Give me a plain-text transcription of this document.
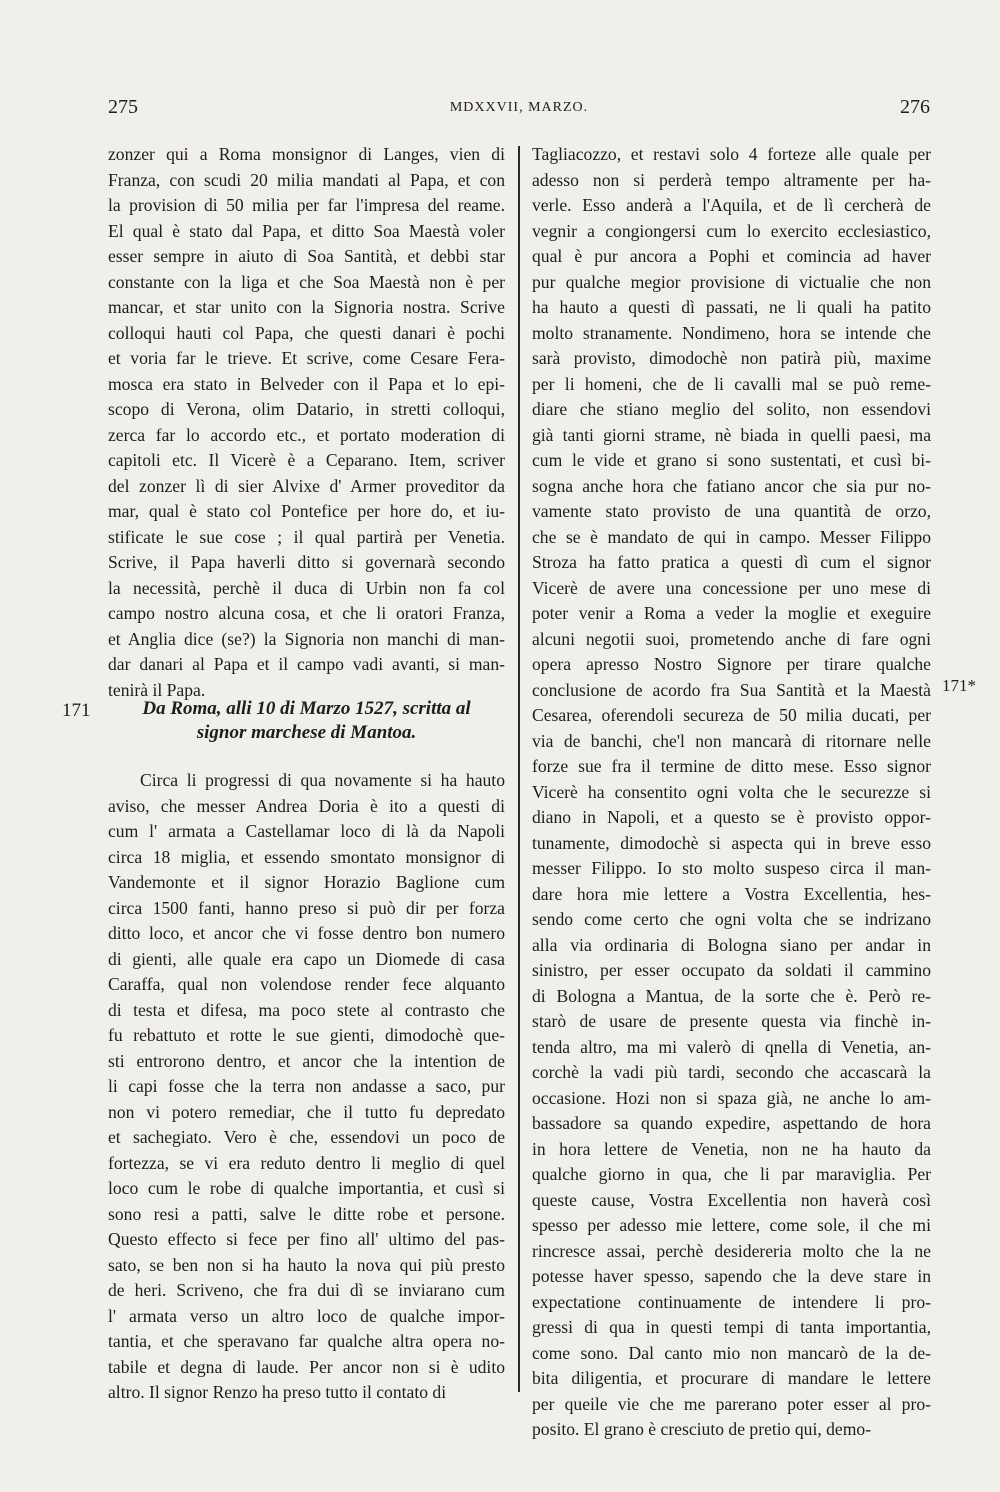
275	MDXXVII, MARZO.	276
zonzer qui a Roma monsignor di Langes, vien di
Franza, con scudi 20 milia mandati al Papa, et con
la provision di 50 milia per far l'impresa del reame.
El qual è stato dal Papa, et ditto Soa Maestà voler
esser sempre in aiuto di Soa Santità, et debbi star
constante con la liga et che Soa Maestà non è per
mancar, et star unito con la Signoria nostra. Scrive
colloqui hauti col Papa, che questi danari è pochi
et voria far le trieve. Et scrive, come Cesare Fera-
mosca era stato in Belveder con il Papa et lo epi-
scopo di Verona, olim Datario, in stretti colloqui,
zerca far lo accordo etc., et portato moderation di
capitoli etc. Il Vicerè è a Ceparano. Item, scriver
del zonzer lì di sier Alvixe d' Armer proveditor da
mar, qual è stato col Pontefice per hore do, et iu-
stificate le sue cose ; il qual partirà per Venetia.
Scrive, il Papa haverli ditto si governarà secondo
la necessità, perchè il duca di Urbin non fa col
campo nostro alcuna cosa, et che li oratori Franza,
et Anglia dice (se?) la Signoria non manchi di man-
dar danari al Papa et il campo vadi avanti, si man-
tenirà il Papa.
171	Da Roma, alli 10 di Marzo 1527, scritta al
signor marchese di Mantoa.
Circa li progressi di qua novamente si ha hauto
aviso, che messer Andrea Doria è ito a questi di
cum l' armata a Castellamar loco di là da Napoli
circa 18 miglia, et essendo smontato monsignor di
Vandemonte et il signor Horazio Baglione cum
circa 1500 fanti, hanno preso si può dir per forza
ditto loco, et ancor che vi fosse dentro bon numero
di gienti, alle quale era capo un Diomede di casa
Caraffa, qual non volendose render fece alquanto
di testa et difesa, ma poco stete al contrasto che
fu rebattuto et rotte le sue gienti, dimodochè que-
sti entrorono dentro, et ancor che la intention de
li capi fosse che la terra non andasse a saco, pur
non vi potero remediar, che il tutto fu depredato
et sachegiato. Vero è che, essendovi un poco de
fortezza, se vi era reduto dentro li meglio di quel
loco cum le robe di qualche importantia, et cusì si
sono resi a patti, salve le ditte robe et persone.
Questo effecto si fece per fino all' ultimo del pas-
sato, se ben non si ha hauto la nova qui più presto
de heri. Scriveno, che fra dui dì se inviarano cum
l' armata verso un altro loco de qualche impor-
tantia, et che speravano far qualche altra opera no-
tabile et degna di laude. Per ancor non si è udito
altro. Il signor Renzo ha preso tutto il contato di
Tagliacozzo, et restavi solo 4 forteze alle quale per
adesso non si perderà tempo altramente per ha-
verle. Esso anderà a l'Aquila, et de lì cercherà de
vegnir a congiongersi cum lo exercito ecclesiastico,
qual è pur ancora a Pophi et comincia ad haver
pur qualche megior provisione di victualie che non
ha hauto a questi dì passati, ne li quali ha patito
molto stranamente. Nondimeno, hora se intende che
sarà provisto, dimodochè non patirà più, maxime
per li homeni, che de li cavalli mal se può reme-
diare che stiano meglio del solito, non essendovi
già tanti giorni strame, nè biada in quelli paesi, ma
cum le vide et grano si sono sustentati, et cusì bi-
sogna anche hora che fatiano ancor che sia pur no-
vamente stato provisto de una quantità de orzo,
che se è mandato de qui in campo. Messer Filippo
Stroza ha fatto pratica a questi dì cum el signor
Vicerè de avere una concessione per uno mese di
poter venir a Roma a veder la moglie et exeguire
alcuni negotii suoi, prometendo anche di fare ogni
opera apresso Nostro Signore per tirare qualche
conclusione de acordo fra Sua Santità et la Maestà
Cesarea, oferendoli secureza de 50 milia ducati, per
via de banchi, che'l non mancarà di ritornare nelle
forze sue fra il termine de ditto mese. Esso signor
Vicerè ha consentito ogni volta che le securezze si
diano in Napoli, et a questo se è provisto oppor-
tunamente, dimodochè si aspecta qui in breve esso
messer Filippo. Io sto molto suspeso circa il man-
dare hora mie lettere a Vostra Excellentia, hes-
sendo come certo che ogni volta che se indrizano
alla via ordinaria di Bologna siano per andar in
sinistro, per esser occupato da soldati il cammino
di Bologna a Mantua, de la sorte che è. Però re-
starò de usare de presente questa via finchè in-
tenda altro, ma mi valerò di qnella di Venetia, an-
corchè la vadi più tardi, secondo che accascarà la
occasione. Hozi non si spaza già, ne anche lo am-
bassadore sa quando expedire, aspettando de hora
in hora lettere de Venetia, non ne ha hauto da
qualche giorno in qua, che li par maraviglia. Per
queste cause, Vostra Excellentia non haverà così
spesso per adesso mie lettere, come sole, il che mi
rincresce assai, perchè desidereria molto che la ne
potesse haver spesso, sapendo che la deve stare in
expectatione continuamente de intendere li pro-
gressi di qua in questi tempi di tanta importantia,
come sono. Dal canto mio non mancarò de la de-
bita diligentia, et procurare di mandare le lettere
per queile vie che me parerano poter esser al pro-
posito. El grano è cresciuto de pretio qui, demo-
171*
